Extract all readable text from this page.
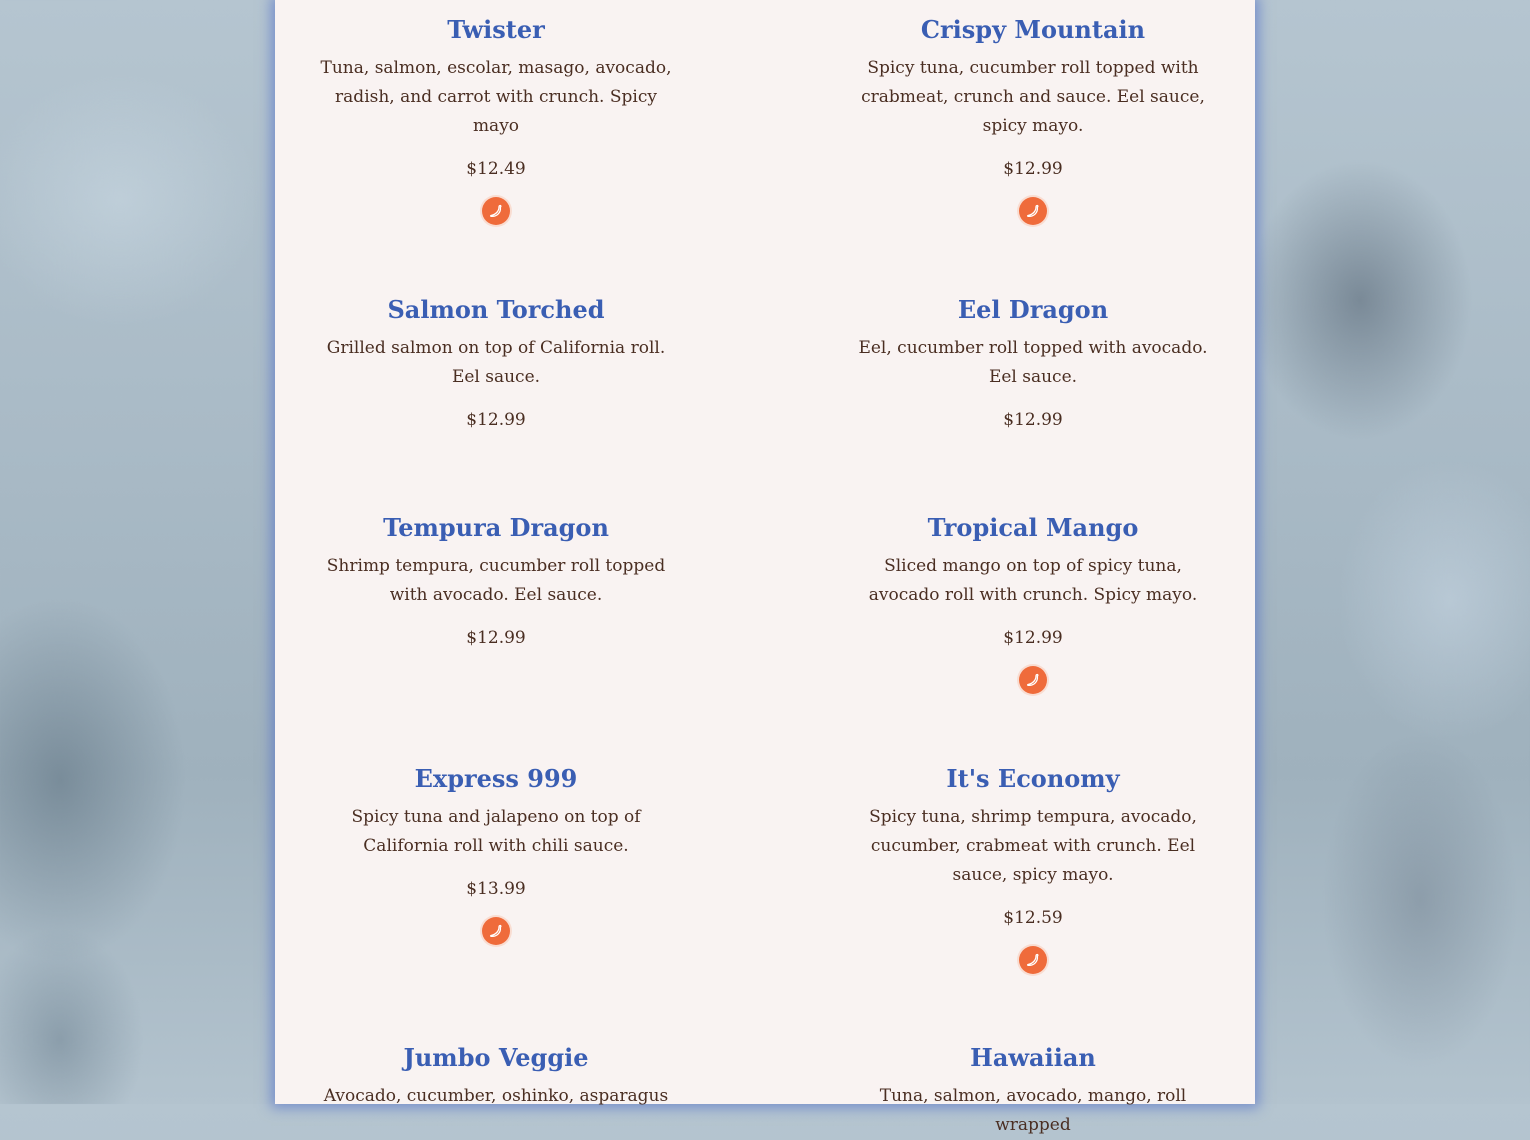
Twister

Tuna, salmon, escolar, masago, avocado, radish, and carrot with crunch. Spicy mayo

$12.49

Crispy Mountain

Spicy tuna, cucumber roll topped with crabmeat, crunch and sauce. Eel sauce, spicy mayo.

$12.99

Salmon Torched

Grilled salmon on top of California roll. Eel sauce.

$12.99

Eel Dragon

Eel, cucumber roll topped with avocado. Eel sauce.

$12.99

Tempura Dragon

Shrimp tempura, cucumber roll topped with avocado. Eel sauce.

$12.99

Tropical Mango

Sliced mango on top of spicy tuna, avocado roll with crunch. Spicy mayo.

$12.99

Express 999

Spicy tuna and jalapeno on top of California roll with chili sauce.

$13.99

It's Economy

Spicy tuna, shrimp tempura, avocado, cucumber, crabmeat with crunch. Eel sauce, spicy mayo.

$12.59

Jumbo Veggie

Avocado, cucumber, oshinko, asparagus

Hawaiian

Tuna, salmon, avocado, mango, roll wrapped
